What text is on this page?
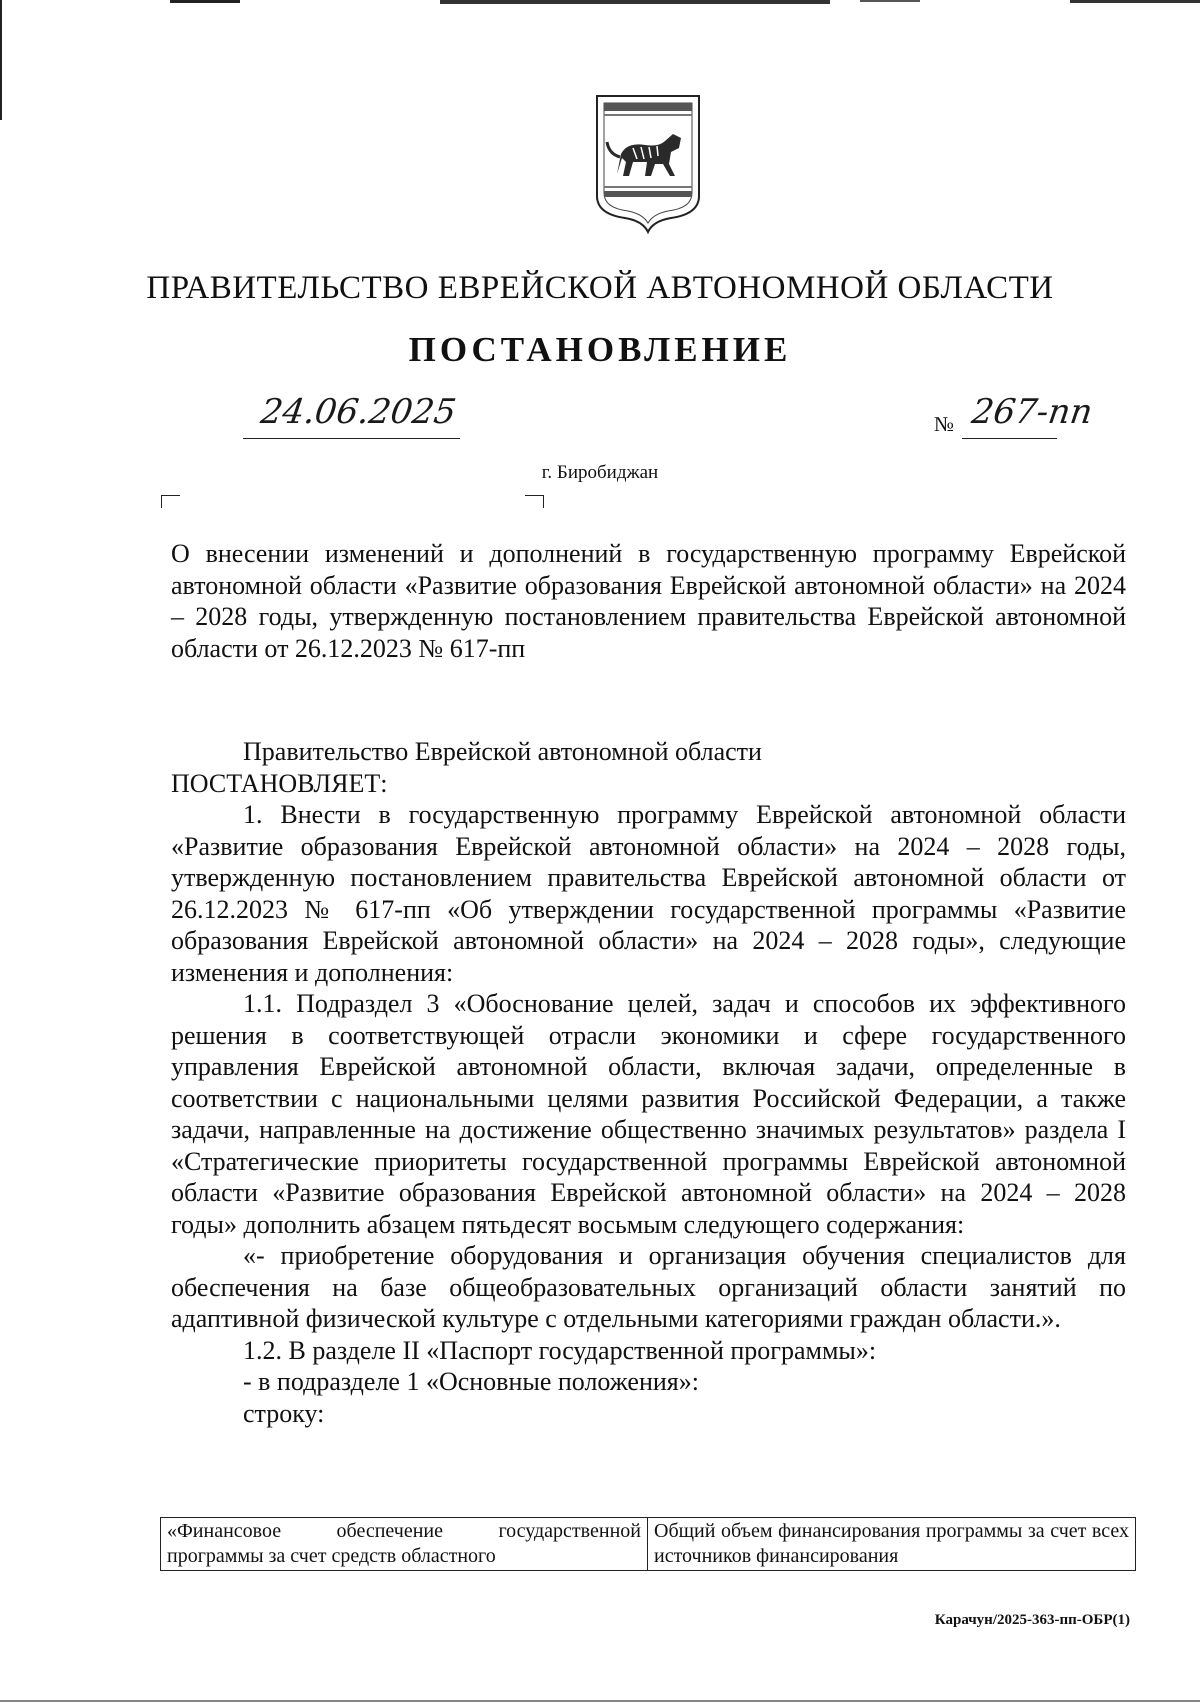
ПРАВИТЕЛЬСТВО ЕВРЕЙСКОЙ АВТОНОМНОЙ ОБЛАСТИ
ПОСТАНОВЛЕНИЕ
24.06.2025	№ 267-пп
г. Биробиджан

О внесении изменений и дополнений в государственную программу Еврейской автономной области «Развитие образования Еврейской автономной области» на 2024 – 2028 годы, утвержденную постановлением правительства Еврейской автономной области от 26.12.2023 № 617-пп

Правительство Еврейской автономной области

ПОСТАНОВЛЯЕТ:

1. Внести в государственную программу Еврейской автономной области «Развитие образования Еврейской автономной области» на 2024 – 2028 годы, утвержденную постановлением правительства Еврейской автономной области от 26.12.2023 № 617-пп «Об утверждении государственной программы «Развитие образования Еврейской автономной области» на 2024 – 2028 годы», следующие изменения и дополнения:

1.1. Подраздел 3 «Обоснование целей, задач и способов их эффективного решения в соответствующей отрасли экономики и сфере государственного управления Еврейской автономной области, включая задачи, определенные в соответствии с национальными целями развития Российской Федерации, а также задачи, направленные на достижение общественно значимых результатов» раздела I «Стратегические приоритеты государственной программы Еврейской автономной области «Развитие образования Еврейской автономной области» на 2024 – 2028 годы» дополнить абзацем пятьдесят восьмым следующего содержания:

«- приобретение оборудования и организация обучения специалистов для обеспечения на базе общеобразовательных организаций области занятий по адаптивной физической культуре с отдельными категориями граждан области.».

1.2. В разделе II «Паспорт государственной программы»:

- в подразделе 1 «Основные положения»:

строку:

«Финансовое обеспечение государственной программы за счет средств областного	Общий объем финансирования программы за счет всех источников финансирования
Карачун/2025-363-пп-ОБР(1)
